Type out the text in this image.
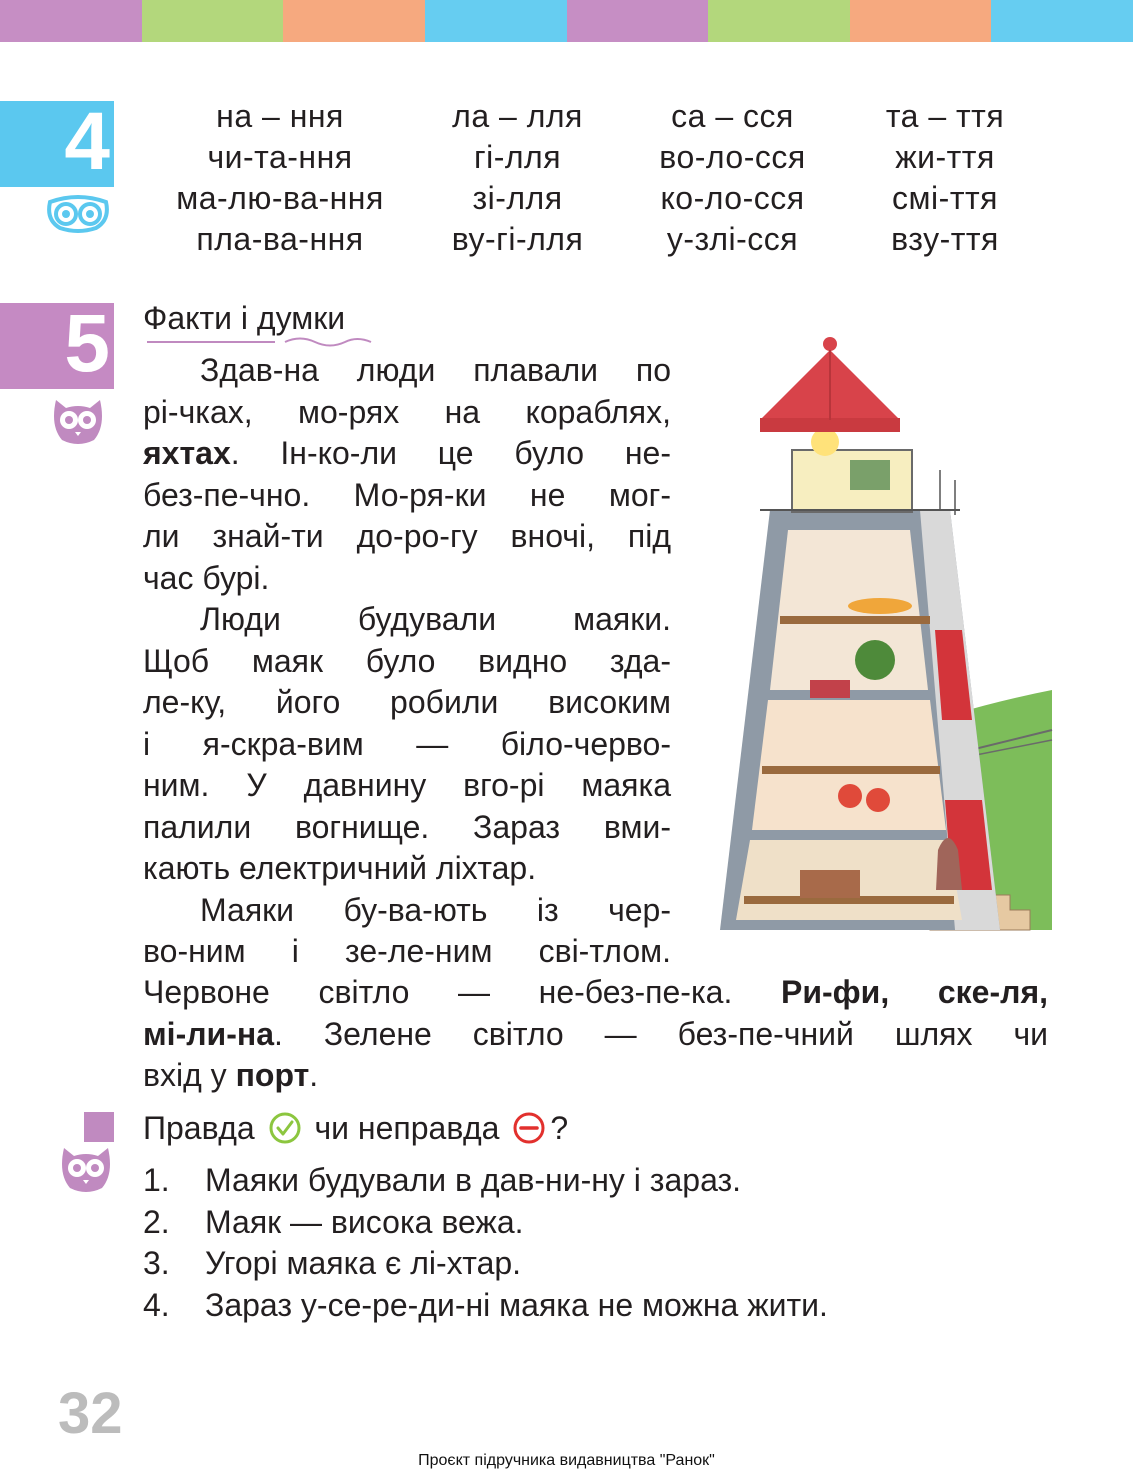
4	на – ння	ла – лля	са – сся	та – ття
чи-та-ння	гі-лля	во-ло-сся	жи-ття
ма-лю-ва-ння	зі-лля	ко-ло-сся	смі-ття
пла-ва-ння	ву-гі-лля	у-злі-сся	взу-ття
5 Факти і думки
Здав-на люди плавали по
рі-чках, мо-рях на кораблях,
яхтах. Ін-ко-ли це було не-
без-пе-чно. Мо-ря-ки не мог-
ли знай-ти до-ро-гу вночі, під
час бурі.
Люди будували маяки.
Щоб маяк було видно зда-
ле-ку, його робили високим
і я-скра-вим — біло-черво-
ним. У давнину вго-рі маяка
палили вогнище. Зараз вми-
кають електричний ліхтар.
Маяки бу-ва-ють із чер-
во-ним і зе-ле-ним сві-тлом.
Червоне світло — не-без-пе-ка. Ри-фи, ске-ля,
мі-ли-на. Зелене світло — без-пе-чний шлях чи
вхід у порт.
Правда чи неправда ?
1.	Маяки будували в дав-ни-ну і зараз.
2.	Маяк — висока вежа.
3.	Угорі маяка є лі-хтар.
4.	Зараз у-се-ре-ди-ні маяка не можна жити.
32
Проєкт підручника видавництва "Ранок"
